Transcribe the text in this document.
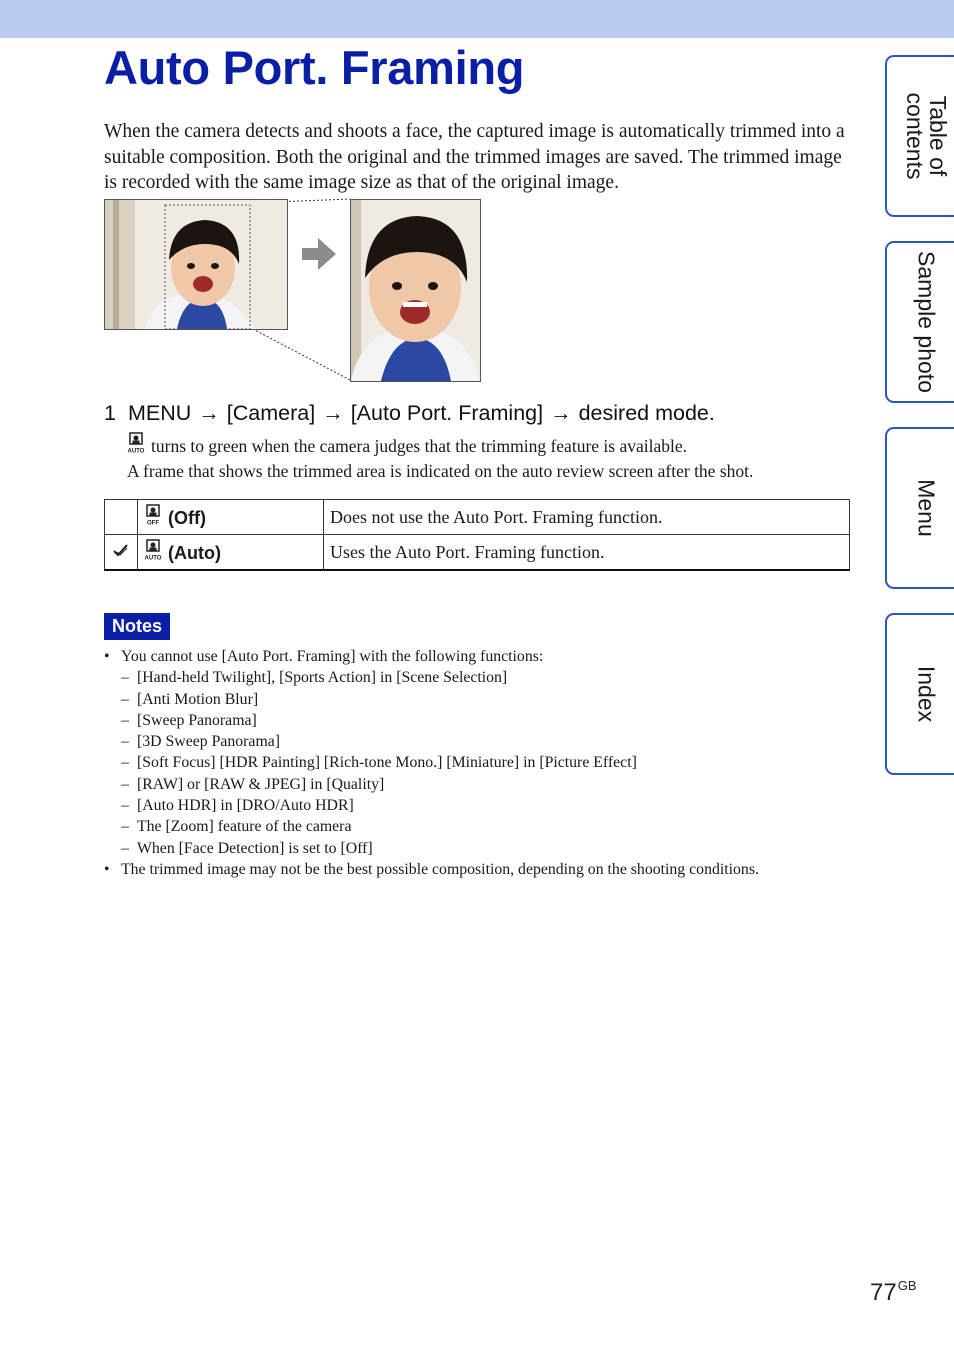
Auto Port. Framing

When the camera detects and shoots a face, the captured image is automatically trimmed into a suitable composition. Both the original and the trimmed images are saved. The trimmed image is recorded with the same image size as that of the original image.

1 MENU → [Camera] → [Auto Port. Framing] → desired mode.
AUTO turns to green when the camera judges that the trimming feature is available.
A frame that shows the trimmed area is indicated on the auto review screen after the shot.

OFF (Off)	Does not use the Auto Port. Framing function.

AUTO (Auto)	Uses the Auto Port. Framing function.
Notes
• You cannot use [Auto Port. Framing] with the following functions:
– [Hand-held Twilight], [Sports Action] in [Scene Selection]
– [Anti Motion Blur]
– [Sweep Panorama]
– [3D Sweep Panorama]
– [Soft Focus] [HDR Painting] [Rich-tone Mono.] [Miniature] in [Picture Effect]
– [RAW] or [RAW & JPEG] in [Quality]
– [Auto HDR] in [DRO/Auto HDR]
– The [Zoom] feature of the camera
– When [Face Detection] is set to [Off]
• The trimmed image may not be the best possible composition, depending on the shooting conditions.
Table of
contents
Sample photo
Menu
Index
$77^{GB}$
